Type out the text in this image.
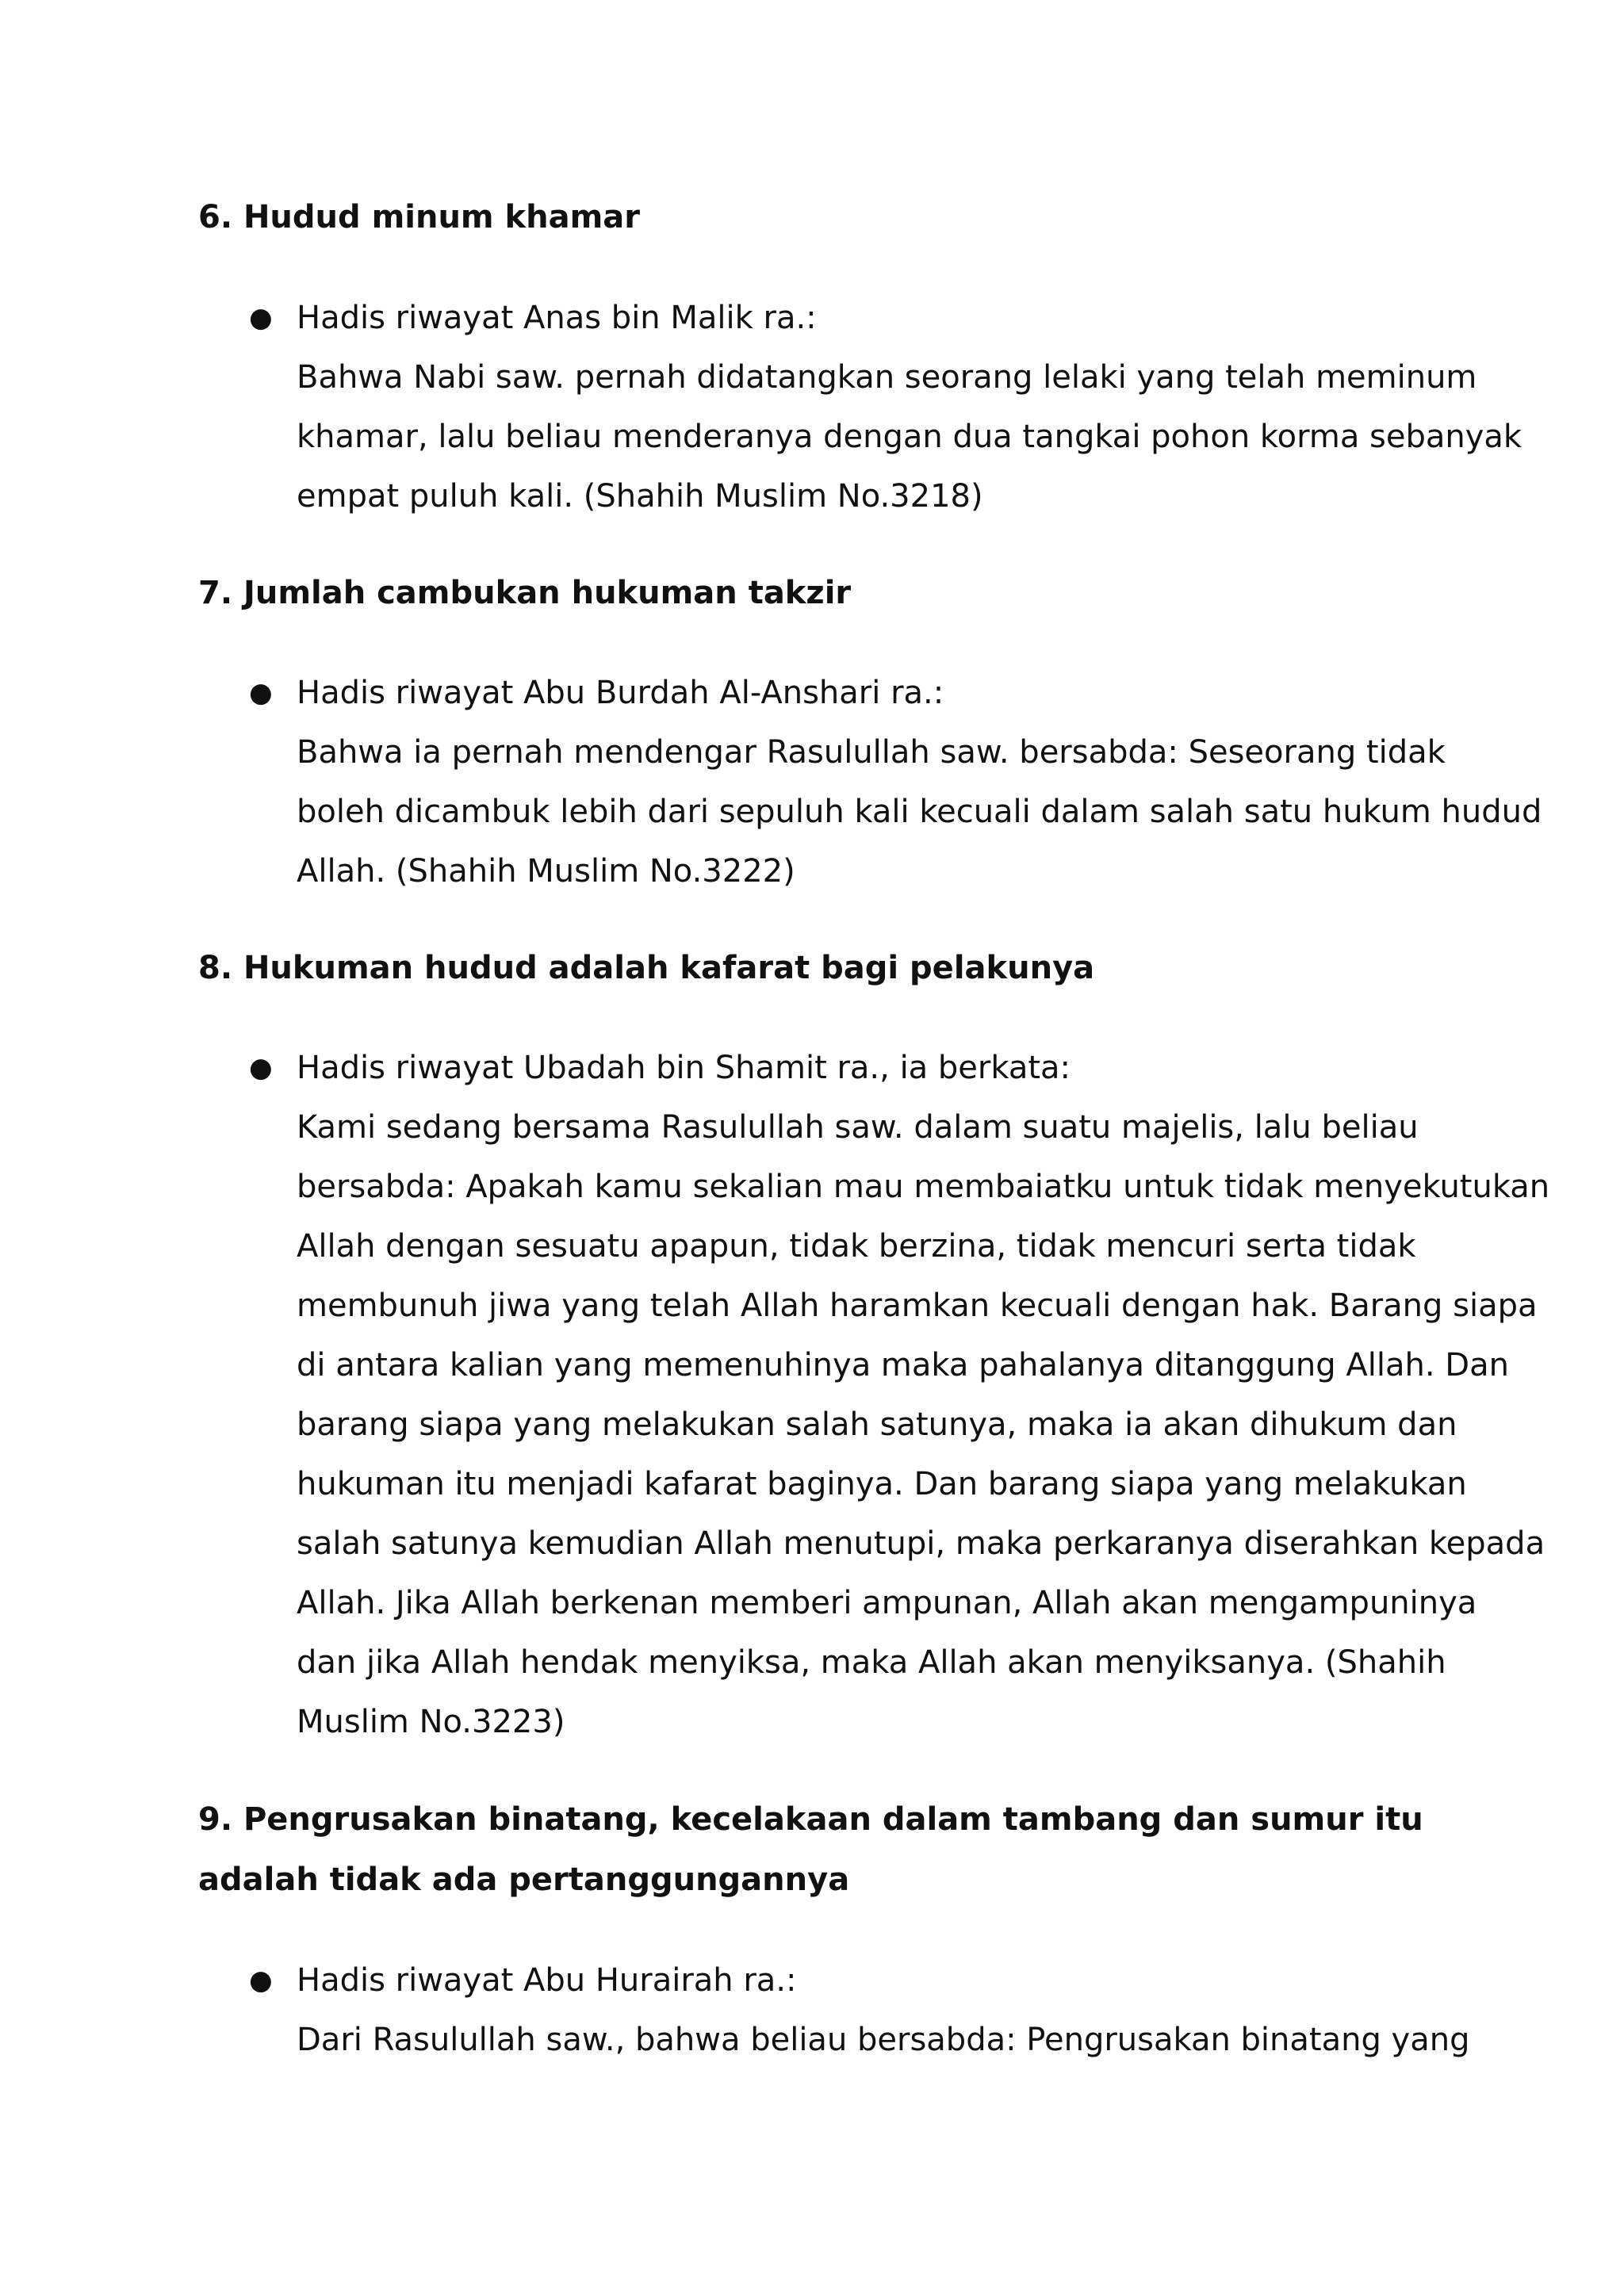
6. Hudud minum khamar
● Hadis riwayat Anas bin Malik ra.:
Bahwa Nabi saw. pernah didatangkan seorang lelaki yang telah meminum
khamar, lalu beliau menderanya dengan dua tangkai pohon korma sebanyak
empat puluh kali. (Shahih Muslim No.3218)
7. Jumlah cambukan hukuman takzir
● Hadis riwayat Abu Burdah Al-Anshari ra.:
Bahwa ia pernah mendengar Rasulullah saw. bersabda: Seseorang tidak
boleh dicambuk lebih dari sepuluh kali kecuali dalam salah satu hukum hudud
Allah. (Shahih Muslim No.3222)
8. Hukuman hudud adalah kafarat bagi pelakunya
● Hadis riwayat Ubadah bin Shamit ra., ia berkata:
Kami sedang bersama Rasulullah saw. dalam suatu majelis, lalu beliau
bersabda: Apakah kamu sekalian mau membaiatku untuk tidak menyekutukan
Allah dengan sesuatu apapun, tidak berzina, tidak mencuri serta tidak
membunuh jiwa yang telah Allah haramkan kecuali dengan hak. Barang siapa
di antara kalian yang memenuhinya maka pahalanya ditanggung Allah. Dan
barang siapa yang melakukan salah satunya, maka ia akan dihukum dan
hukuman itu menjadi kafarat baginya. Dan barang siapa yang melakukan
salah satunya kemudian Allah menutupi, maka perkaranya diserahkan kepada
Allah. Jika Allah berkenan memberi ampunan, Allah akan mengampuninya
dan jika Allah hendak menyiksa, maka Allah akan menyiksanya. (Shahih
Muslim No.3223)
9. Pengrusakan binatang, kecelakaan dalam tambang dan sumur itu
adalah tidak ada pertanggungannya
● Hadis riwayat Abu Hurairah ra.:
Dari Rasulullah saw., bahwa beliau bersabda: Pengrusakan binatang yang
